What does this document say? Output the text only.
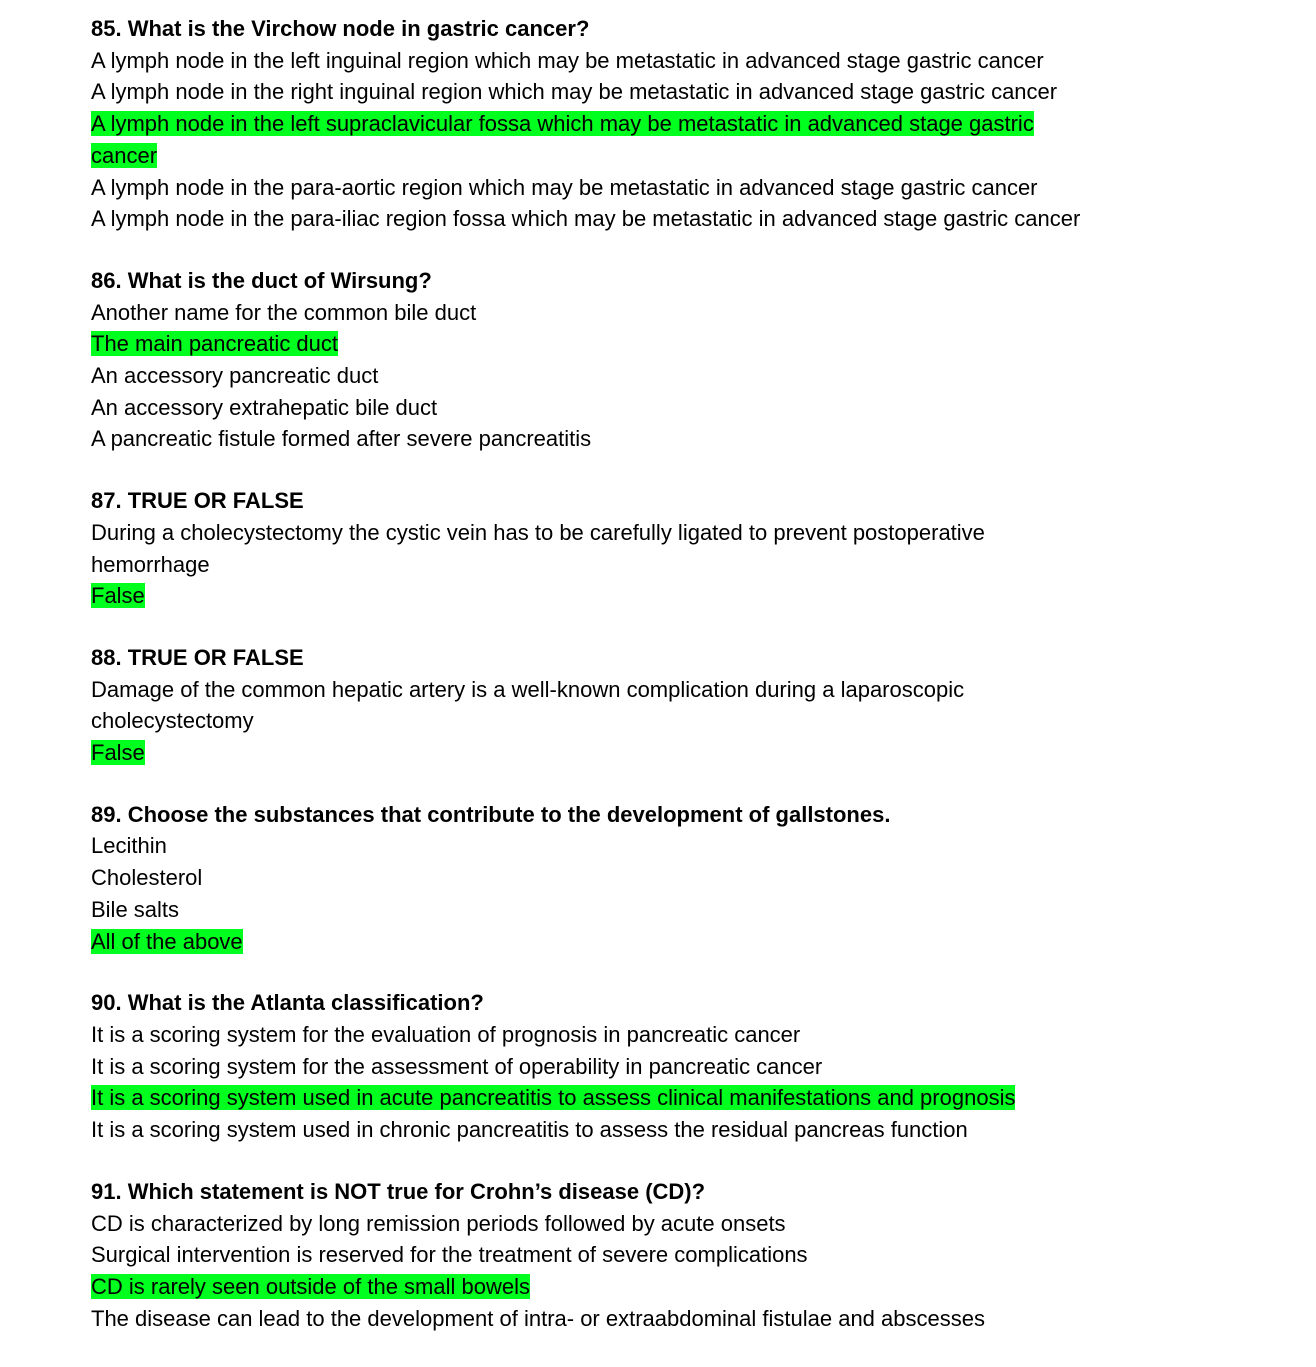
85. What is the Virchow node in gastric cancer?

A lymph node in the left inguinal region which may be metastatic in advanced stage gastric cancer

A lymph node in the right inguinal region which may be metastatic in advanced stage gastric cancer

A lymph node in the left supraclavicular fossa which may be metastatic in advanced stage gastric cancer

A lymph node in the para-aortic region which may be metastatic in advanced stage gastric cancer

A lymph node in the para-iliac region fossa which may be metastatic in advanced stage gastric cancer

86. What is the duct of Wirsung?

Another name for the common bile duct

The main pancreatic duct

An accessory pancreatic duct

An accessory extrahepatic bile duct

A pancreatic fistule formed after severe pancreatitis

87. TRUE OR FALSE

During a cholecystectomy the cystic vein has to be carefully ligated to prevent postoperative hemorrhage

False

88. TRUE OR FALSE

Damage of the common hepatic artery is a well-known complication during a laparoscopic cholecystectomy

False

89. Choose the substances that contribute to the development of gallstones.

Lecithin

Cholesterol

Bile salts

All of the above

90. What is the Atlanta classification?

It is a scoring system for the evaluation of prognosis in pancreatic cancer

It is a scoring system for the assessment of operability in pancreatic cancer

It is a scoring system used in acute pancreatitis to assess clinical manifestations and prognosis

It is a scoring system used in chronic pancreatitis to assess the residual pancreas function

91. Which statement is NOT true for Crohn’s disease (CD)?

CD is characterized by long remission periods followed by acute onsets

Surgical intervention is reserved for the treatment of severe complications

CD is rarely seen outside of the small bowels

The disease can lead to the development of intra- or extraabdominal fistulae and abscesses
